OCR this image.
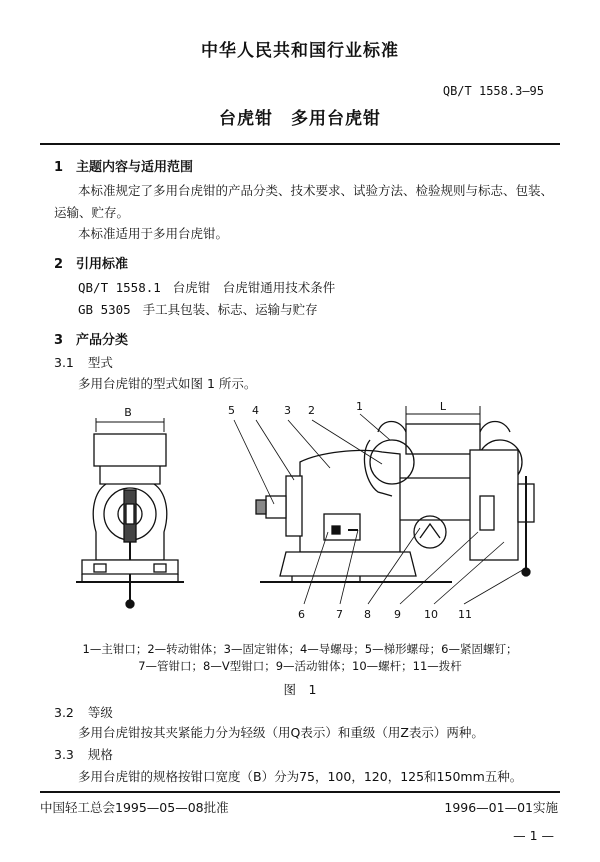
中华人民共和国行业标准
QB/T 1558.3—95
台虎钳　多用台虎钳
1 主题内容与适用范围
本标准规定了多用台虎钳的产品分类、技术要求、试验方法、检验规则与标志、包装、
运输、贮存。
本标准适用于多用台虎钳。
2 引用标准
QB/T 1558.1 台虎钳　台虎钳通用技术条件
GB 5305 手工具包装、标志、运输与贮存
3 产品分类
3.1 型式
多用台虎钳的型式如图 1 所示。
B	L
5 4 3 2	1
6	7 8 9 10 11
1—主钳口；2—转动钳体；3—固定钳体；4—导螺母；5—梯形螺母；6—紧固螺钉；
7—管钳口；8—V型钳口；9—活动钳体；10—螺杆；11—拨杆
图　1
3.2 等级
多用台虎钳按其夹紧能力分为轻级（用Q表示）和重级（用Z表示）两种。
3.3 规格
多用台虎钳的规格按钳口宽度（B）分为75，100，120，125和150mm五种。
中国轻工总会1995—05—08批准	1996—01—01实施
— 1 —
